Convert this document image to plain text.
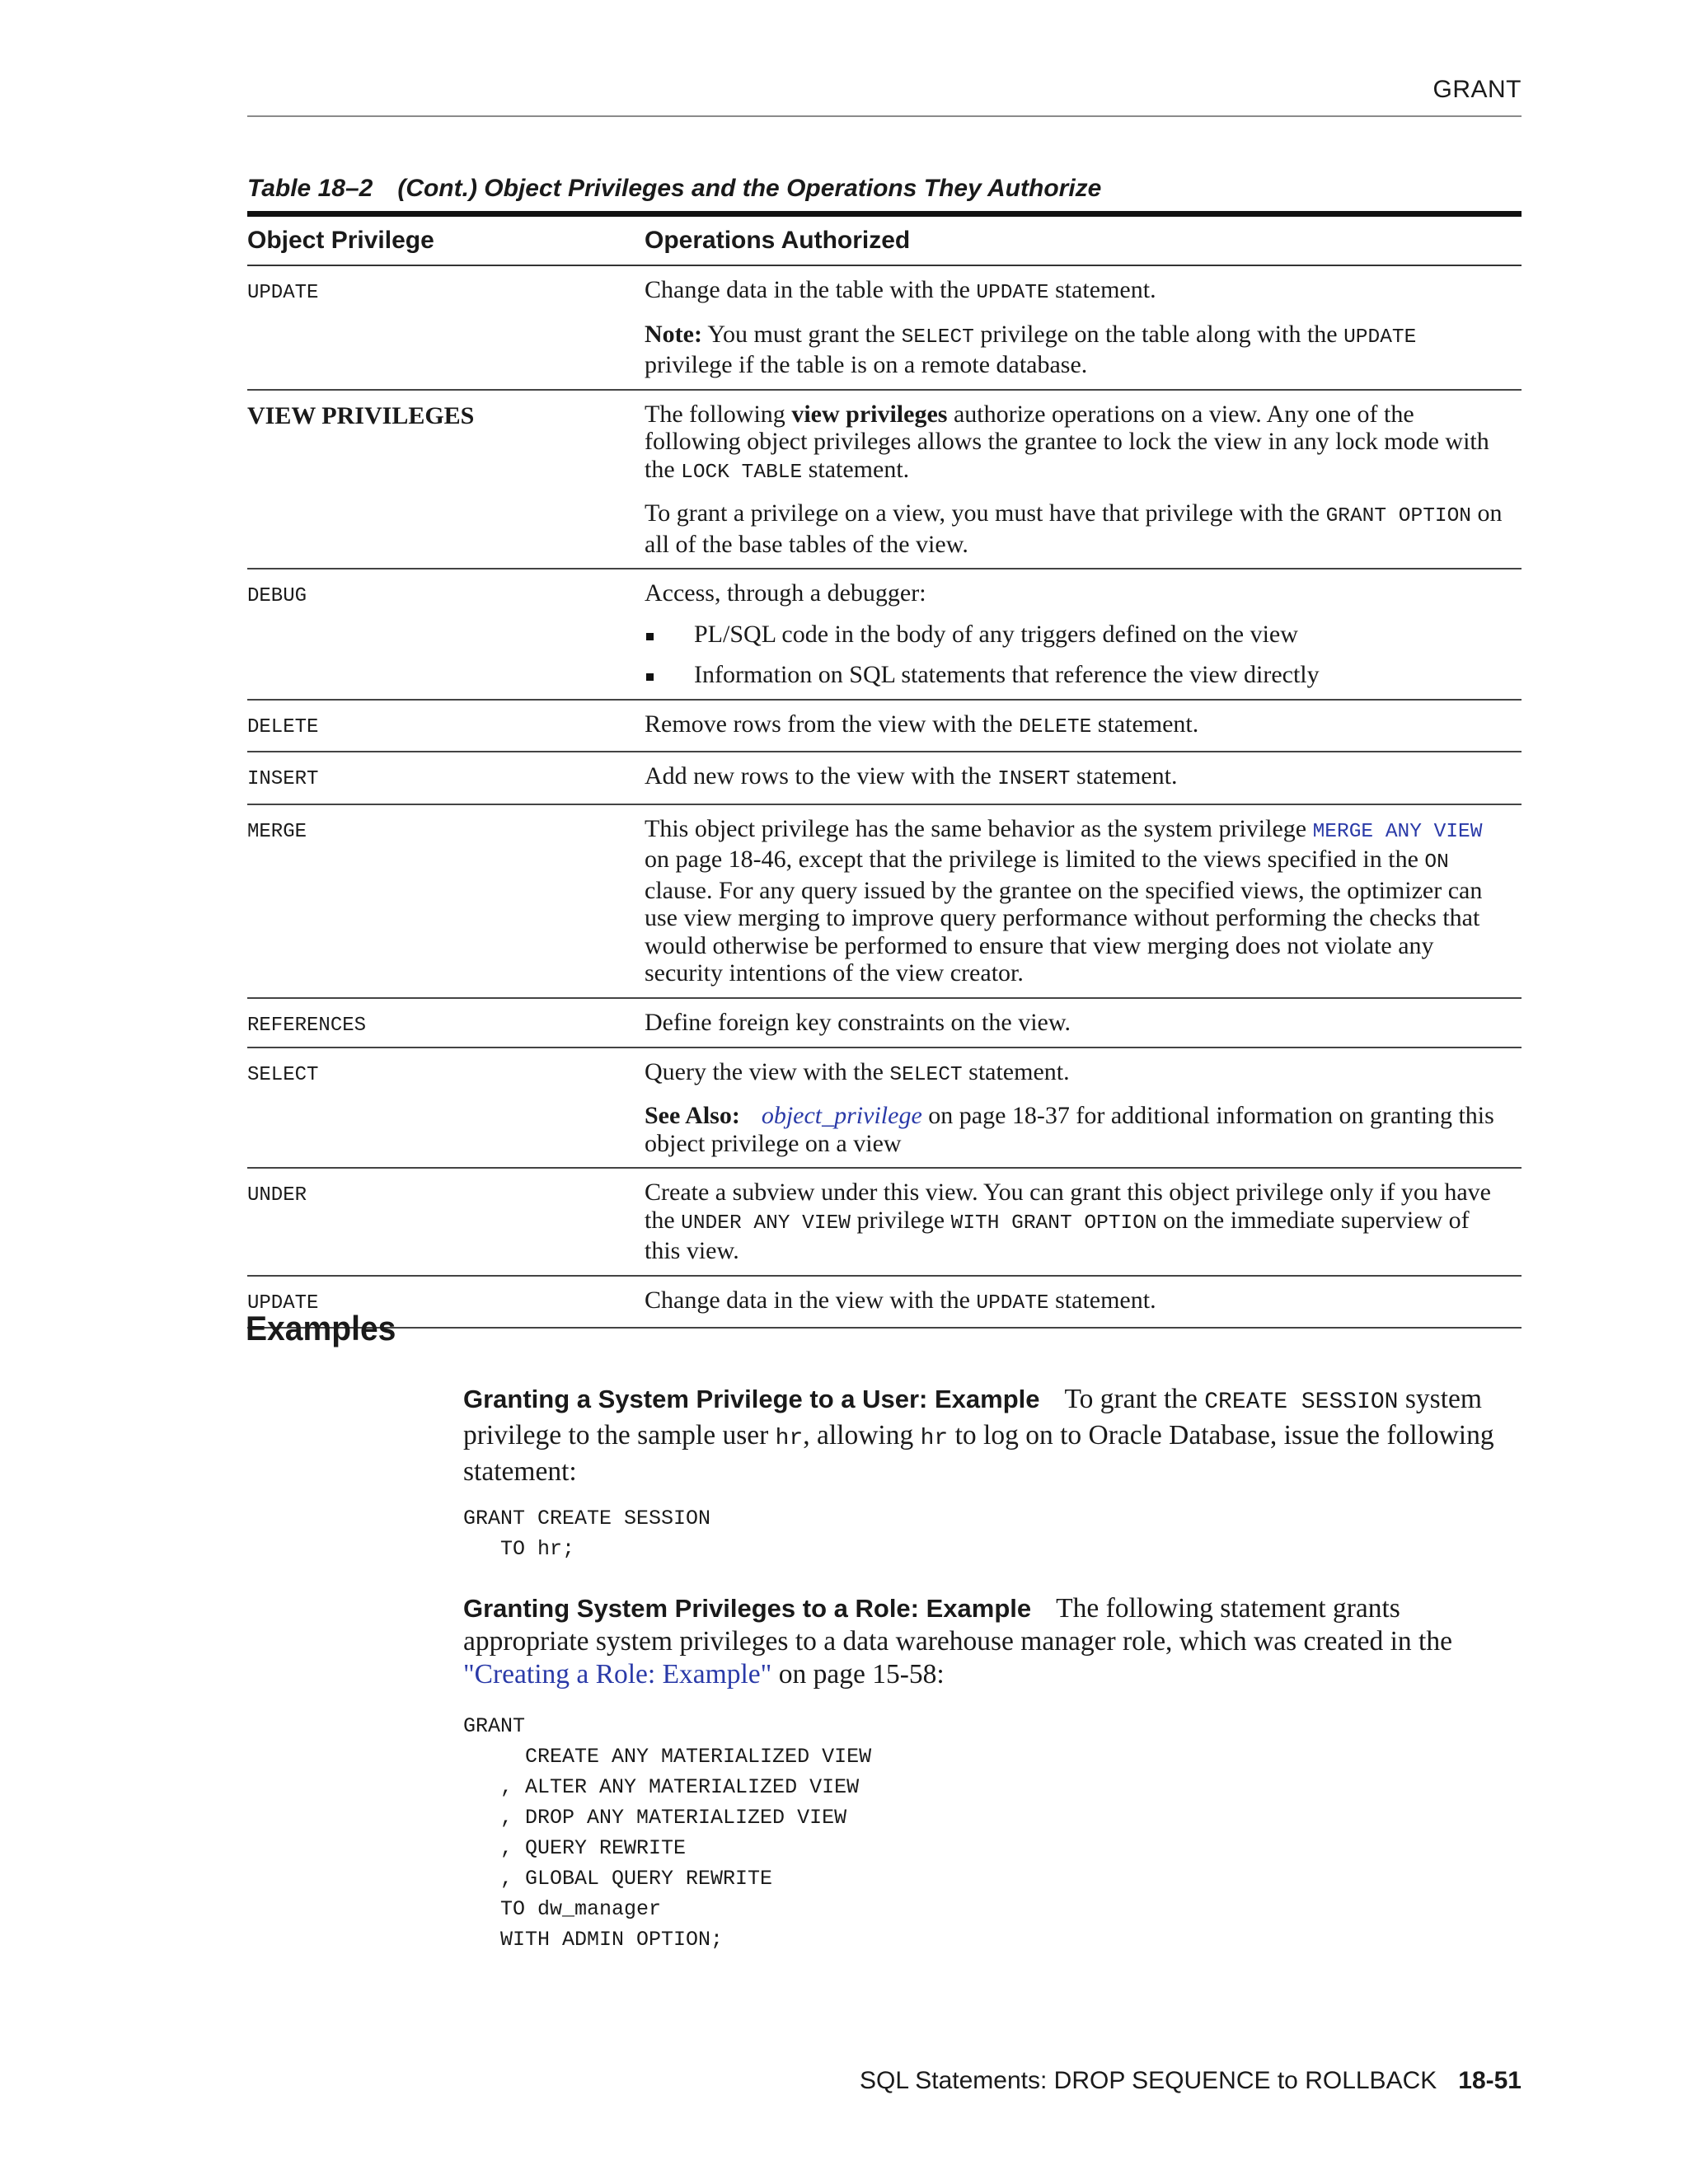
GRANT
Table 18–2 (Cont.) Object Privileges and the Operations They Authorize
Object Privilege	Operations Authorized
UPDATE	Change data in the table with the UPDATE statement.

Note: You must grant the SELECT privilege on the table along with the UPDATE privilege if the table is on a remote database.

VIEW PRIVILEGES	The following view privileges authorize operations on a view. Any one of the following object privileges allows the grantee to lock the view in any lock mode with the LOCK TABLE statement.

To grant a privilege on a view, you must have that privilege with the GRANT OPTION on all of the base tables of the view.

DEBUG	Access, through a debugger:

PL/SQL code in the body of any triggers defined on the view
Information on SQL statements that reference the view directly
DELETE	Remove rows from the view with the DELETE statement.

INSERT	Add new rows to the view with the INSERT statement.

MERGE	This object privilege has the same behavior as the system privilege MERGE ANY VIEW on page 18-46, except that the privilege is limited to the views specified in the ON clause. For any query issued by the grantee on the specified views, the optimizer can use view merging to improve query performance without performing the checks that would otherwise be performed to ensure that view merging does not violate any security intentions of the view creator.

REFERENCES	Define foreign key constraints on the view.

SELECT	Query the view with the SELECT statement.

See Also: object_privilege on page 18-37 for additional information on granting this object privilege on a view

UNDER	Create a subview under this view. You can grant this object privilege only if you have the UNDER ANY VIEW privilege WITH GRANT OPTION on the immediate superview of this view.

UPDATE	Change data in the view with the UPDATE statement.

Examples
Granting a System Privilege to a User: Example To grant the CREATE SESSION system privilege to the sample user hr, allowing hr to log on to Oracle Database, issue the following statement:
GRANT CREATE SESSION
TO hr;
Granting System Privileges to a Role: Example The following statement grants appropriate system privileges to a data warehouse manager role, which was created in the "Creating a Role: Example" on page 15-58:
GRANT
CREATE ANY MATERIALIZED VIEW
, ALTER ANY MATERIALIZED VIEW
, DROP ANY MATERIALIZED VIEW
, QUERY REWRITE
, GLOBAL QUERY REWRITE
TO dw_manager
WITH ADMIN OPTION;
SQL Statements: DROP SEQUENCE to ROLLBACK 18-51
